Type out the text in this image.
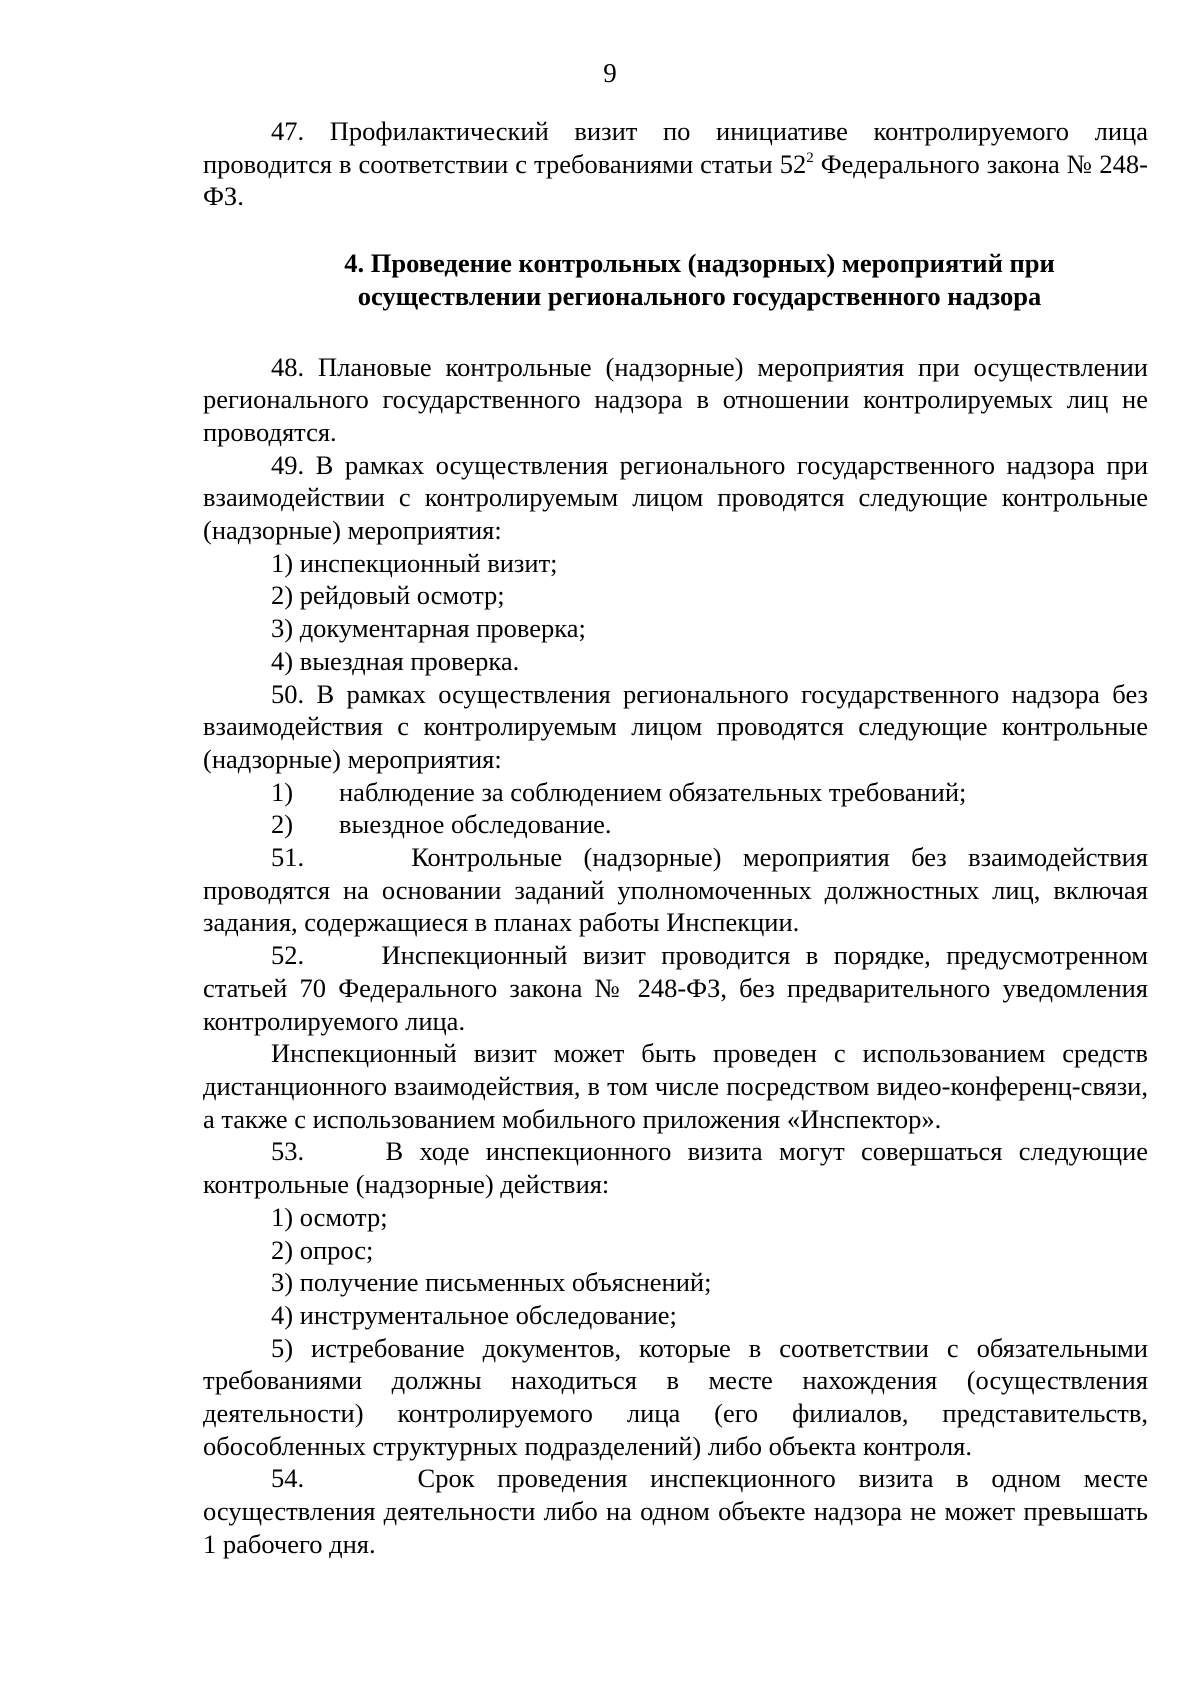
9

47. Профилактический визит по инициативе контролируемого лица проводится в соответствии с требованиями статьи $52^2$ Федерального закона № 248-ФЗ.

4. Проведение контрольных (надзорных) мероприятий при
осуществлении регионального государственного надзора

48. Плановые контрольные (надзорные) мероприятия при осуществлении регионального государственного надзора в отношении контролируемых лиц не проводятся.

49. В рамках осуществления регионального государственного надзора при взаимодействии с контролируемым лицом проводятся следующие контрольные (надзорные) мероприятия:

1) инспекционный визит;

2) рейдовый осмотр;

3) документарная проверка;

4) выездная проверка.

50. В рамках осуществления регионального государственного надзора без взаимодействия с контролируемым лицом проводятся следующие контрольные (надзорные) мероприятия:

1)	наблюдение за соблюдением обязательных требований;

2)	выездное обследование.

51.	Контрольные (надзорные) мероприятия без взаимодействия проводятся на основании заданий уполномоченных должностных лиц, включая задания, содержащиеся в планах работы Инспекции.

52.	Инспекционный визит проводится в порядке, предусмотренном статьей 70 Федерального закона № 248-ФЗ, без предварительного уведомления контролируемого лица.

Инспекционный визит может быть проведен с использованием средств дистанционного взаимодействия, в том числе посредством видео-конференц-связи, а также с использованием мобильного приложения «Инспектор».

53.	В ходе инспекционного визита могут совершаться следующие контрольные (надзорные) действия:

1) осмотр;

2) опрос;

3) получение письменных объяснений;

4) инструментальное обследование;

5) истребование документов, которые в соответствии с обязательными требованиями должны находиться в месте нахождения (осуществления деятельности) контролируемого лица (его филиалов, представительств, обособленных структурных подразделений) либо объекта контроля.

54.	Срок проведения инспекционного визита в одном месте осуществления деятельности либо на одном объекте надзора не может превышать 1 рабочего дня.
